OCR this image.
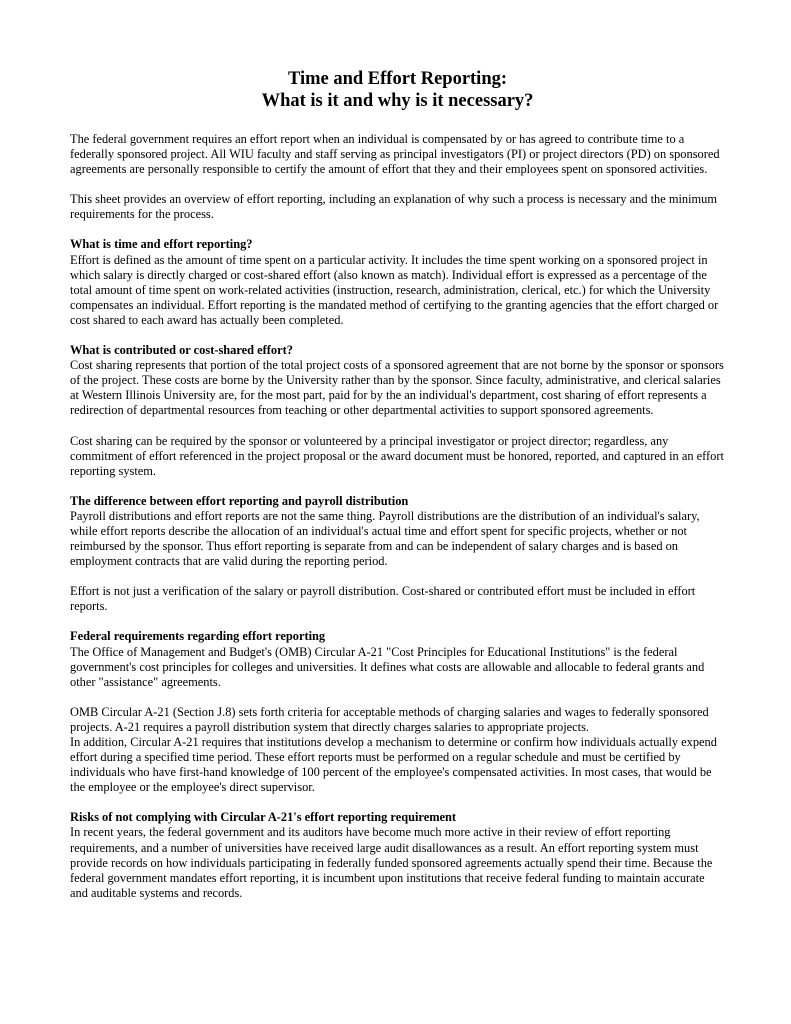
Time and Effort Reporting:
What is it and why is it necessary?

The federal government requires an effort report when an individual is compensated by or has agreed to contribute time to a federally sponsored project. All WIU faculty and staff serving as principal investigators (PI) or project directors (PD) on sponsored agreements are personally responsible to certify the amount of effort that they and their employees spent on sponsored activities.

This sheet provides an overview of effort reporting, including an explanation of why such a process is necessary and the minimum requirements for the process.

What is time and effort reporting?
Effort is defined as the amount of time spent on a particular activity. It includes the time spent working on a sponsored project in which salary is directly charged or cost-shared effort (also known as match). Individual effort is expressed as a percentage of the total amount of time spent on work-related activities (instruction, research, administration, clerical, etc.) for which the University compensates an individual. Effort reporting is the mandated method of certifying to the granting agencies that the effort charged or cost shared to each award has actually been completed.
What is contributed or cost-shared effort?
Cost sharing represents that portion of the total project costs of a sponsored agreement that are not borne by the sponsor or sponsors of the project. These costs are borne by the University rather than by the sponsor. Since faculty, administrative, and clerical salaries at Western Illinois University are, for the most part, paid for by the an individual's department, cost sharing of effort represents a redirection of departmental resources from teaching or other departmental activities to support sponsored agreements.

Cost sharing can be required by the sponsor or volunteered by a principal investigator or project director; regardless, any commitment of effort referenced in the project proposal or the award document must be honored, reported, and captured in an effort reporting system.

The difference between effort reporting and payroll distribution
Payroll distributions and effort reports are not the same thing. Payroll distributions are the distribution of an individual's salary, while effort reports describe the allocation of an individual's actual time and effort spent for specific projects, whether or not reimbursed by the sponsor. Thus effort reporting is separate from and can be independent of salary charges and is based on employment contracts that are valid during the reporting period.

Effort is not just a verification of the salary or payroll distribution. Cost-shared or contributed effort must be included in effort reports.

Federal requirements regarding effort reporting
The Office of Management and Budget's (OMB) Circular A-21 "Cost Principles for Educational Institutions" is the federal government's cost principles for colleges and universities. It defines what costs are allowable and allocable to federal grants and other "assistance" agreements.
OMB Circular A-21 (Section J.8) sets forth criteria for acceptable methods of charging salaries and wages to federally sponsored projects. A-21 requires a payroll distribution system that directly charges salaries to appropriate projects.
In addition, Circular A-21 requires that institutions develop a mechanism to determine or confirm how individuals actually expend effort during a specified time period. These effort reports must be performed on a regular schedule and must be certified by individuals who have first-hand knowledge of 100 percent of the employee's compensated activities. In most cases, that would be the employee or the employee's direct supervisor.
Risks of not complying with Circular A-21's effort reporting requirement
In recent years, the federal government and its auditors have become much more active in their review of effort reporting requirements, and a number of universities have received large audit disallowances as a result. An effort reporting system must provide records on how individuals participating in federally funded sponsored agreements actually spend their time. Because the federal government mandates effort reporting, it is incumbent upon institutions that receive federal funding to maintain accurate and auditable systems and records.
